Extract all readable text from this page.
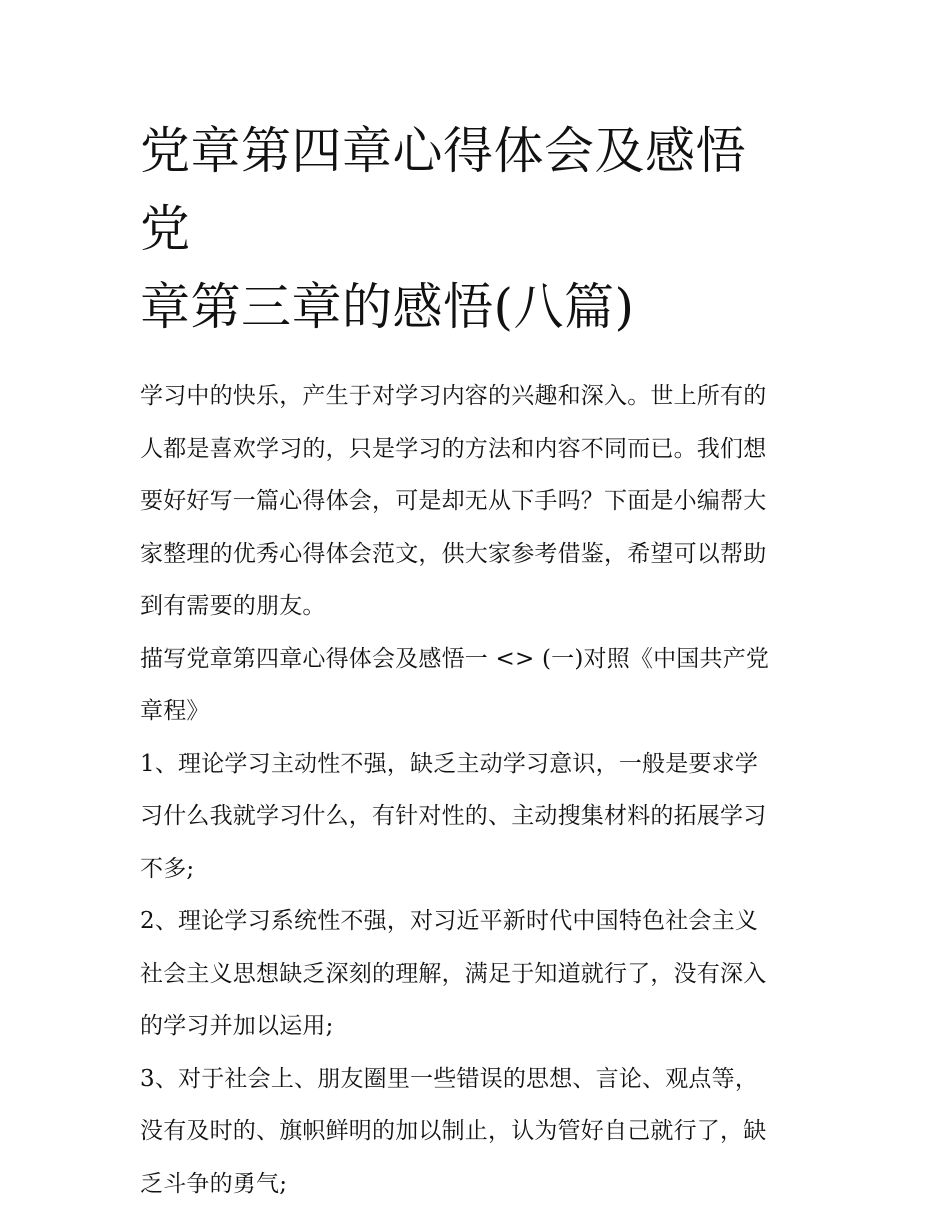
党章第四章心得体会及感悟 党
章第三章的感悟(八篇)

学习中的快乐，产生于对学习内容的兴趣和深入。世上所有的
人都是喜欢学习的，只是学习的方法和内容不同而已。我们想
要好好写一篇心得体会，可是却无从下手吗？下面是小编帮大
家整理的优秀心得体会范文，供大家参考借鉴，希望可以帮助
到有需要的朋友。

描写党章第四章心得体会及感悟一 <> (一)对照《中国共产党
章程》

1、理论学习主动性不强，缺乏主动学习意识，一般是要求学
习什么我就学习什么，有针对性的、主动搜集材料的拓展学习
不多;

2、理论学习系统性不强，对习近平新时代中国特色社会主义
社会主义思想缺乏深刻的理解，满足于知道就行了，没有深入
的学习并加以运用;

3、对于社会上、朋友圈里一些错误的思想、言论、观点等，
没有及时的、旗帜鲜明的加以制止，认为管好自己就行了，缺
乏斗争的勇气;
